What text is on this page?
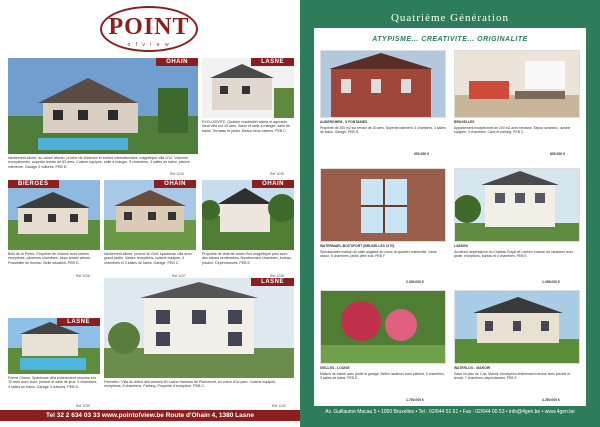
POINT
o f v i e w
OHAIN
Idealement situee, au calme absolu, proche de Waterloo et ecoles internationales, magnifique villa 2/12. Volumes exceptionnels, superbe terrain de 63 ares. Cuisine equipee, salle a manger, 5 chambres, 3 salles de bains, piscine interieure. Garage 3 voitures. PEB D.
Ref 1234
LASNE
EXCLUSIVITE. Quartier residentiel calme et agreable. Ideal villa sur 15 ares, Salon et salle a manger, salle de bains. Terrasse et jardin. Beaux lieux calmes. PEB C.
Ref 1235
BIERGES
Bois de la Pierre. Propriete de charme avec vastes receptions, plusieurs chambres, beau terrain arbore. Possibilite de bureau. Belle situation. PEB D.
Ref 1236
OHAIN
Idealement situee, proche du Golf, spacieuse villa avec grand jardin. Vastes receptions, cuisine equipee, 4 chambres et 3 salles de bains. Garage. PEB C.
Ref 1237
OHAIN
Propriete de charme dotee d'un magnifique parc avec des arbres centenaires. Nombreuses chambres, bureau, piscine. Dependances. PEB E.
Ref 1238
LASNE
Ferme Chiaro. Spacieuse villa entierement renovee sur 15 ares avec vues, piscine et salle de jeux. 5 chambres, 4 salles de bains. Garage 3 voitures. PEB D.
Ref 1239
LASNE
Fermette / Villa du debut des annees 60 Lasne Hameau de Plancenoit, au coeur d'un parc. Cuisine equipee, receptions, 5 chambres. Parking. Propriete d'exception. PEB C.
Ref 1240
Tel 32 2 634 03 33 www.pointofview.be Route d'Ohain 4, 1380 Lasne
Quatrième Génération
ATYPISME... CREATIVITE... ORIGINALITE
AUDERGHEM - 5 FONTAINES
Propriete de 350 m2 sur terrain de 20 ares. Superbe batiment. 6 chambres, 3 salles de bains. Garage. PEB G.
950.000 €
BRUXELLES
Appartement exceptionnel de 200 m2 avec terrasse. Sejour lumineux, cuisine equipee, 3 chambres. Cave et parking. PEB C.
895.000 €
WATERMAEL-BOITSFORT (BRUXELLES 1170)
Spectaculaire maison de style anglaise au coeur du quartier residentiel. Vaste sejour, 5 chambres, jardin plein sud. PEB F.
2.300.000 €
LAEKEN
Ancienne dependance du Chateau Royal de Laeken, maison de caractere avec jardin, receptions, bureau et 4 chambres. PEB E.
1.495.000 €
IXELLES - LOUISE
Maison de maitre avec jardin et garage. Belles hauteurs sous plafond. 6 chambres, 3 salles de bains. PEB D.
1.750.000 €
WATERLOO - MANOIR
Dans un parc de 1 ha. Manoir d'exception entierement renove avec piscine et tennis. 7 chambres, dependances. PEB E.
4.250.000 €
Av. Guillaume Macau 5 • 1050 Bruxelles • Tel : 02/644 51 61 • Fax : 02/644 00 53 • info@4gen.be • www.4gen.be
